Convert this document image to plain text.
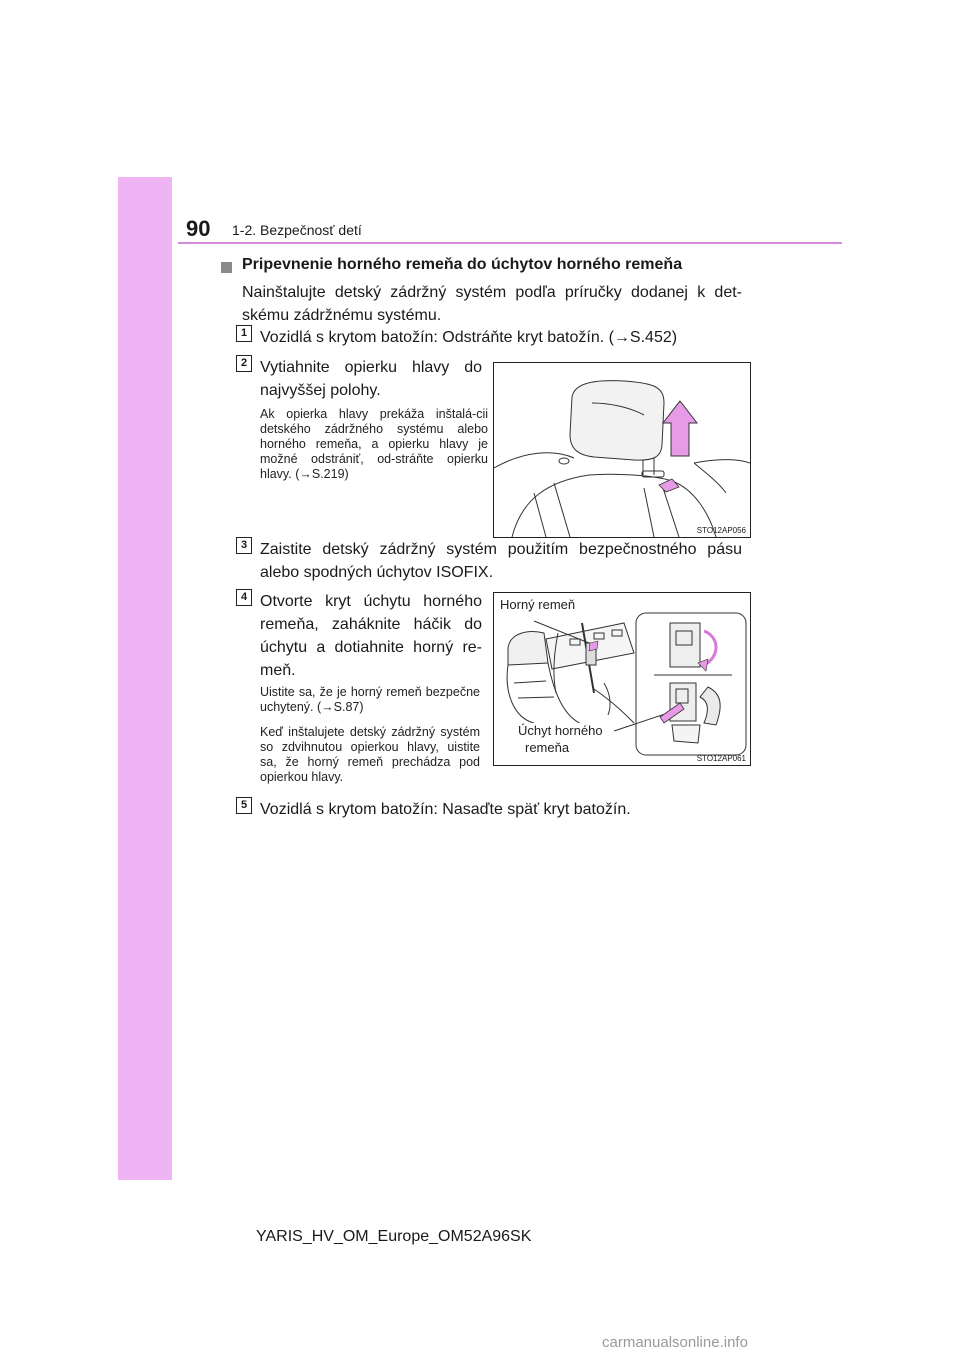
90 1-2. Bezpečnosť detí
Pripevnenie horného remeňa do úchytov horného remeňa
Nainštalujte detský zádržný systém podľa príručky dodanej k det-skému zádržnému systému.
1 Vozidlá s krytom batožín: Odstráňte kryt batožín. (→S.452)
2 Vytiahnite opierku hlavy do najvyššej polohy.
Ak opierka hlavy prekáža inštalá-cii detského zádržného systému alebo horného remeňa, a opierku hlavy je možné odstrániť, od-stráňte opierku hlavy. (→S.219)
STO12AP056
3 Zaistite detský zádržný systém použitím bezpečnostného pásu alebo spodných úchytov ISOFIX.
4 Otvorte kryt úchytu horného remeňa, zaháknite háčik do úchytu a dotiahnite horný re-meň.
Uistite sa, že je horný remeň bezpečne uchytený. (→S.87)
Keď inštalujete detský zádržný systém so zdvihnutou opierkou hlavy, uistite sa, že horný remeň prechádza pod opierkou hlavy.
Horný remeň
Úchyt horného
remeňa
STO12AP061
5 Vozidlá s krytom batožín: Nasaďte späť kryt batožín.
YARIS_HV_OM_Europe_OM52A96SK
carmanualsonline.info
